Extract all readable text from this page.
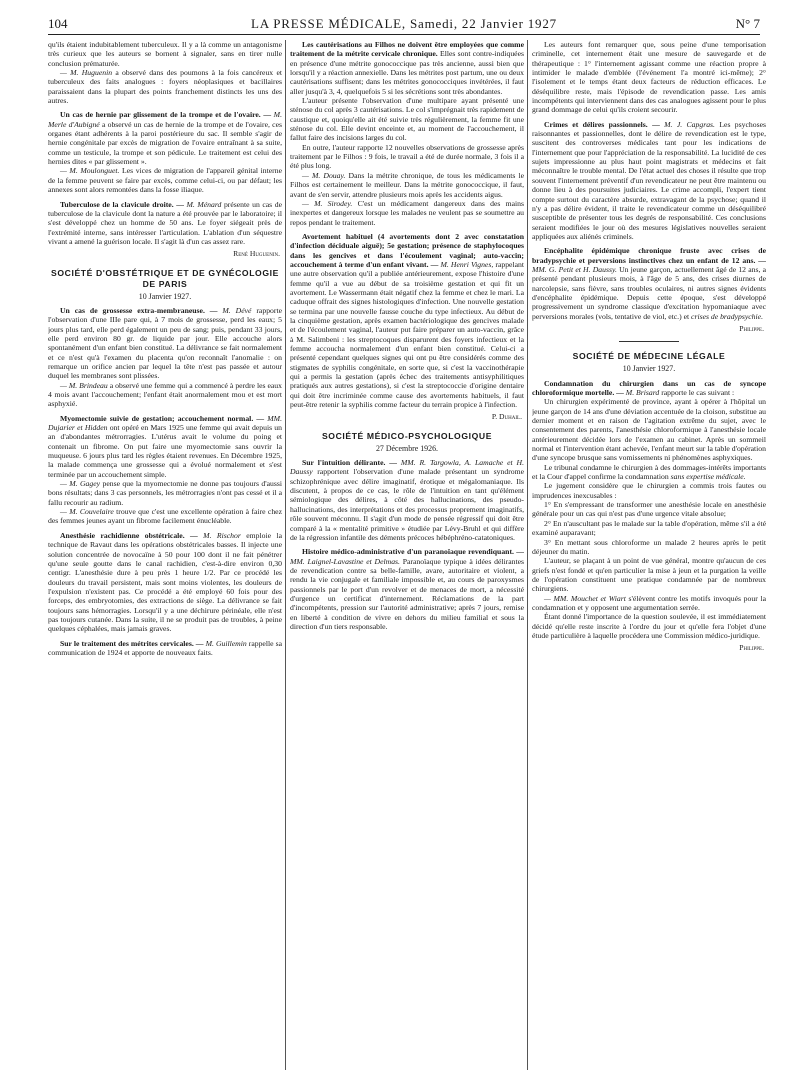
104	LA PRESSE MÉDICALE, Samedi, 22 Janvier 1927	N° 7

qu'ils étaient indubitablement tuberculeux. Il y a là comme un antagonisme très curieux que les auteurs se bornent à signaler, sans en tirer nulle conclusion prématurée.

— M. Huguenin a observé dans des poumons à la fois cancéreux et tuberculeux des faits analogues : foyers néoplasiques et bacillaires paraissaient dans la plupart des points franchement distincts les uns des autres.

Un cas de hernie par glissement de la trompe et de l'ovaire. — M. Merle d'Aubigné a observé un cas de hernie de la trompe et de l'ovaire, ces organes étant adhérents à la paroi postérieure du sac. Il semble s'agir de hernie congénitale par excès de migration de l'ovaire entraînant à sa suite, comme un testicule, la trompe et son pédicule. Le traitement est celui des hernies dites « par glissement ».

— M. Moulonguet. Les vices de migration de l'appareil génital interne de la femme peuvent se faire par excès, comme celui-ci, ou par défaut; les annexes sont alors remontées dans la fosse iliaque.

Tuberculose de la clavicule droite. — M. Ménard présente un cas de tuberculose de la clavicule dont la nature a été prouvée par le laboratoire; il s'est développé chez un homme de 50 ans. Le foyer siégeait près de l'extrémité interne, sans intéresser l'articulation. L'ablation d'un séquestre vivant a amené la guérison locale. Il s'agit là d'un cas assez rare.

René Huguenin.
SOCIÉTÉ D'OBSTÉTRIQUE ET DE GYNÉCOLOGIE DE PARIS
10 Janvier 1927.

Un cas de grossesse extra-membraneuse. — M. Dévé rapporte l'observation d'une IIIe pare qui, à 7 mois de grossesse, perd les eaux; 5 jours plus tard, elle perd également un peu de sang; puis, pendant 33 jours, elle perd environ 80 gr. de liquide par jour. Elle accouche alors spontanément d'un enfant bien constitué. La délivrance se fait normalement et ce n'est qu'à l'examen du placenta qu'on reconnaît l'anomalie : on remarque un orifice ancien par lequel la tête n'est pas passée et autour duquel les membranes sont plissées.

— M. Brindeau a observé une femme qui a commencé à perdre les eaux 4 mois avant l'accouchement; l'enfant était anormalement mou et est mort asphyxié.

Myomectomie suivie de gestation; accouchement normal. — MM. Dujarier et Hidden ont opéré en Mars 1925 une femme qui avait depuis un an d'abondantes métrorragies. L'utérus avait le volume du poing et contenait un fibrome. On put faire une myomectomie sans ouvrir la muqueuse. 6 jours plus tard les règles étaient revenues. En Décembre 1925, la malade commença une grossesse qui a évolué normalement et s'est terminée par un accouchement simple.

— M. Gagey pense que la myomectomie ne donne pas toujours d'aussi bons résultats; dans 3 cas personnels, les métrorragies n'ont pas cessé et il a fallu recourir au radium.

— M. Couvelaire trouve que c'est une excellente opération à faire chez des femmes jeunes ayant un fibrome facilement énucléable.

Anesthésie rachidienne obstétricale. — M. Rischor emploie la technique de Ravaut dans les opérations obstétricales basses. Il injecte une solution concentrée de novocaïne à 50 pour 100 dont il ne fait pénétrer qu'une seule goutte dans le canal rachidien, c'est-à-dire environ 0,30 centigr. L'anesthésie dure à peu près 1 heure 1/2. Par ce procédé les douleurs du travail persistent, mais sont moins violentes, les douleurs de l'expulsion n'existent pas. Ce procédé a été employé 60 fois pour des forceps, des embryotomies, des extractions de siège. La délivrance se fait toujours sans hémorragies. Lorsqu'il y a une déchirure périnéale, elle n'est pas toujours cutanée. Dans la suite, il ne se produit pas de troubles, à peine quelques céphalées, mais jamais graves.

Sur le traitement des métrites cervicales. — M. Guillemin rappelle sa communication de 1924 et apporte de nouveaux faits.

Les cautérisations au Filhos ne doivent être employées que comme traitement de la métrite cervicale chronique. Elles sont contre-indiquées en présence d'une métrite gonococcique pas très ancienne, aussi bien que lorsqu'il y a réaction annexielle. Dans les métrites post partum, une ou deux cautérisations suffisent; dans les métrites gonococciques invétérées, il faut aller jusqu'à 3, 4, quelquefois 5 si les sécrétions sont très abondantes.

L'auteur présente l'observation d'une multipare ayant présenté une sténose du col après 3 cautérisations. Le col s'imprégnait très rapidement de caustique et, quoiqu'elle ait été suivie très régulièrement, la femme fit une sténose du col. Elle devint enceinte et, au moment de l'accouchement, il fallut faire des incisions larges du col.

En outre, l'auteur rapporte 12 nouvelles observations de grossesse après traitement par le Filhos : 9 fois, le travail a été de durée normale, 3 fois il a été plus long.

— M. Douay. Dans la métrite chronique, de tous les médicaments le Filhos est certainement le meilleur. Dans la métrite gonococcique, il faut, avant de s'en servir, attendre plusieurs mois après les accidents aigus.

— M. Sirodey. C'est un médicament dangereux dans des mains inexpertes et dangereux lorsque les malades ne veulent pas se soumettre au repos pendant le traitement.

Avortement habituel (4 avortements dont 2 avec constatation d'infection déciduale aiguë); 5e gestation; présence de staphylocoques dans les gencives et dans l'écoulement vaginal; auto-vaccin; accouchement à terme d'un enfant vivant. — M. Henri Vignes, rappelant une autre observation qu'il a publiée antérieurement, expose l'histoire d'une femme qu'il a vue au début de sa troisième gestation et qui fit un avortement. Le Wassermann était négatif chez la femme et chez le mari. La caduque offrait des signes histologiques d'infection. Une nouvelle gestation se termina par une nouvelle fausse couche du type infectieux. Au début de la cinquième gestation, après examen bactériologique des gencives malade et de l'écoulement vaginal, l'auteur put faire préparer un auto-vaccin, grâce à M. Salimbeni : les streptocoques disparurent des foyers infectieux et la femme accoucha normalement d'un enfant bien constitué. Celui-ci a présenté cependant quelques signes qui ont pu être considérés comme des stigmates de syphilis congénitale, en sorte que, si c'est la vaccinothérapie qui a permis la gestation (après échec des traitements antisyphilitiques pratiqués aux autres gestations), si c'est la streptococcie d'origine dentaire qui doit être incriminée comme cause des avortements habituels, il faut peut-être retenir la syphilis comme facteur du terrain propice à l'infection.

P. Duhail.
SOCIÉTÉ MÉDICO-PSYCHOLOGIQUE
27 Décembre 1926.

Sur l'intuition délirante. — MM. R. Targowla, A. Lamache et H. Daussy rapportent l'observation d'une malade présentant un syndrome schizophrénique avec délire imaginatif, érotique et mégalomaniaque. Ils discutent, à propos de ce cas, le rôle de l'intuition en tant qu'élément sémiologique des délires, à côté des hallucinations, des pseudo-hallucinations, des interprétations et des processus proprement imaginatifs, rôle souvent méconnu. Il s'agit d'un mode de pensée régressif qui doit être comparé à la « mentalité primitive » étudiée par Lévy-Bruhl et qui diffère de la régression infantile des déments précoces hébéphréno-catatoniques.

Histoire médico-administrative d'un paranoïaque revendiquant. — MM. Laignel-Lavastine et Delmas. Paranoïaque typique à idées délirantes de revendication contre sa belle-famille, avare, autoritaire et violent, a rendu la vie conjugale et familiale impossible et, au cours de paroxysmes passionnels par le port d'un revolver et de menaces de mort, a nécessité d'urgence un certificat d'internement. Réclamations de la part d'incompétents, pression sur l'autorité administrative; après 7 jours, remise en liberté à condition de vivre en dehors du milieu familial et sous la direction d'un tiers responsable.

Les auteurs font remarquer que, sous peine d'une temporisation criminelle, cet internement était une mesure de sauvegarde et de thérapeutique : 1° l'internement agissant comme une réaction propre à intimider le malade d'emblée (l'événement l'a montré ici-même); 2° l'isolement et le temps étant deux facteurs de réduction efficaces. Le déséquilibre reste, mais l'épisode de revendication passe. Les amis incompétents qui interviennent dans des cas analogues agissent pour le plus grand dommage de celui qu'ils croient secourir.

Crimes et délires passionnels. — M. J. Capgras. Les psychoses raisonnantes et passionnelles, dont le délire de revendication est le type, suscitent des controverses médicales tant pour les indications de l'internement que pour l'appréciation de la responsabilité. La lucidité de ces sujets impressionne au plus haut point magistrats et médecins et fait méconnaître le trouble mental. De l'état actuel des choses il résulte que trop souvent l'internement préventif d'un revendicateur ne peut être maintenu ou donne lieu à des poursuites judiciaires. Le crime accompli, l'expert tient compte surtout du caractère absurde, extravagant de la psychose; quand il n'y a pas délire évident, il traite le revendicateur comme un déséquilibré susceptible de présenter tous les degrés de responsabilité. Ces conclusions seraient modifiées le jour où des mesures législatives nouvelles seraient appliquées aux aliénés criminels.

Encéphalite épidémique chronique fruste avec crises de bradypsychie et perversions instinctives chez un enfant de 12 ans. — MM. G. Petit et H. Daussy. Un jeune garçon, actuellement âgé de 12 ans, a présenté pendant plusieurs mois, à l'âge de 5 ans, des crises diurnes de narcolepsie, sans fièvre, sans troubles oculaires, ni autres signes évidents d'encéphalite épidémique. Depuis cette époque, s'est développé progressivement un syndrome classique d'excitation hypomaniaque avec perversions morales (vols, tentative de viol, etc.) et crises de bradypsychie.

Philippe.
SOCIÉTÉ DE MÉDECINE LÉGALE
10 Janvier 1927.

Condamnation du chirurgien dans un cas de syncope chloroformique mortelle. — M. Brisard rapporte le cas suivant :

Un chirurgien expérimenté de province, ayant à opérer à l'hôpital un jeune garçon de 14 ans d'une déviation accentuée de la cloison, substitue au dernier moment et en raison de l'agitation extrême du sujet, avec le consentement des parents, l'anesthésie chloroformique à l'anesthésie locale antérieurement décidée lors de l'examen au cabinet. Après un sommeil normal et l'intervention étant achevée, l'enfant meurt sur la table d'opération d'une syncope brusque sans vomissements ni phénomènes asphyxiques.

Le tribunal condamne le chirurgien à des dommages-intérêts importants et la Cour d'appel confirme la condamnation sans expertise médicale.

Le jugement considère que le chirurgien a commis trois fautes ou imprudences inexcusables :

1° En s'empressant de transformer une anesthésie locale en anesthésie générale pour un cas qui n'est pas d'une urgence vitale absolue;

2° En n'auscultant pas le malade sur la table d'opération, même s'il a été examiné auparavant;

3° En mettant sous chloroforme un malade 2 heures après le petit déjeuner du matin.

L'auteur, se plaçant à un point de vue général, montre qu'aucun de ces griefs n'est fondé et qu'en particulier la mise à jeun et la purgation la veille de l'opération constituent une pratique condamnée par de nombreux chirurgiens.

— MM. Mouchet et Wiart s'élèvent contre les motifs invoqués pour la condamnation et y opposent une argumentation serrée.

Étant donné l'importance de la question soulevée, il est immédiatement décidé qu'elle reste inscrite à l'ordre du jour et qu'elle fera l'objet d'une étude particulière à laquelle procédera une Commission médico-juridique.

Philippe.
